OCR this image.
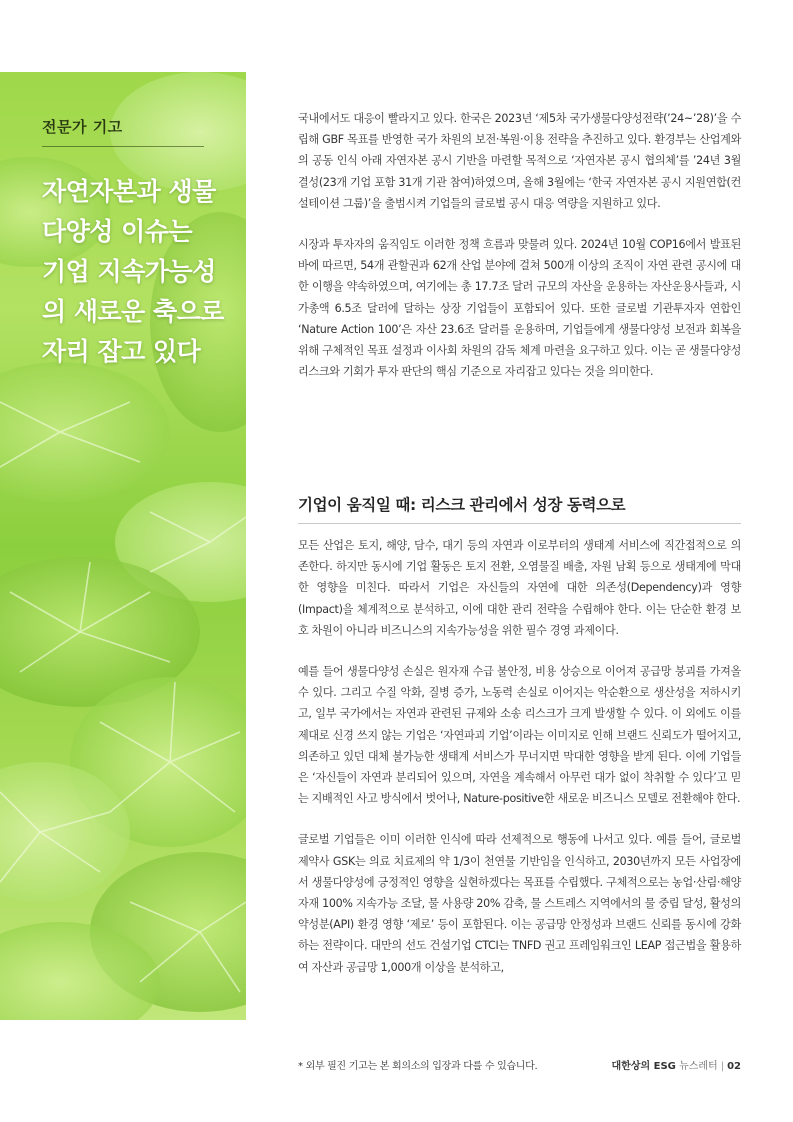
전문가 기고
자연자본과 생물
다양성 이슈는
기업 지속가능성
의 새로운 축으로
자리 잡고 있다

국내에서도 대응이 빨라지고 있다. 한국은 2023년 ‘제5차 국가생물다양성전략(’24~’28)’을 수립해 GBF 목표를 반영한 국가 차원의 보전·복원·이용 전략을 추진하고 있다. 환경부는 산업계와의 공동 인식 아래 자연자본 공시 기반을 마련할 목적으로 ‘자연자본 공시 협의체’를 ’24년 3월 결성(23개 기업 포함 31개 기관 참여)하였으며, 올해 3월에는 ‘한국 자연자본 공시 지원연합(컨설테이션 그룹)’을 출범시켜 기업들의 글로벌 공시 대응 역량을 지원하고 있다.

시장과 투자자의 움직임도 이러한 정책 흐름과 맞물려 있다. 2024년 10월 COP16에서 발표된 바에 따르면, 54개 관할권과 62개 산업 분야에 걸쳐 500개 이상의 조직이 자연 관련 공시에 대한 이행을 약속하였으며, 여기에는 총 17.7조 달러 규모의 자산을 운용하는 자산운용사들과, 시가총액 6.5조 달러에 달하는 상장 기업들이 포함되어 있다. 또한 글로벌 기관투자자 연합인 ‘Nature Action 100’은 자산 23.6조 달러를 운용하며, 기업들에게 생물다양성 보전과 회복을 위해 구체적인 목표 설정과 이사회 차원의 감독 체계 마련을 요구하고 있다. 이는 곧 생물다양성 리스크와 기회가 투자 판단의 핵심 기준으로 자리잡고 있다는 것을 의미한다.

기업이 움직일 때: 리스크 관리에서 성장 동력으로

모든 산업은 토지, 해양, 담수, 대기 등의 자연과 이로부터의 생태계 서비스에 직간접적으로 의존한다. 하지만 동시에 기업 활동은 토지 전환, 오염물질 배출, 자원 남획 등으로 생태계에 막대한 영향을 미친다. 따라서 기업은 자신들의 자연에 대한 의존성(Dependency)과 영향(Impact)을 체계적으로 분석하고, 이에 대한 관리 전략을 수립해야 한다. 이는 단순한 환경 보호 차원이 아니라 비즈니스의 지속가능성을 위한 필수 경영 과제이다.

예를 들어 생물다양성 손실은 원자재 수급 불안정, 비용 상승으로 이어져 공급망 붕괴를 가져올 수 있다. 그리고 수질 악화, 질병 증가, 노동력 손실로 이어지는 악순환으로 생산성을 저하시키고, 일부 국가에서는 자연과 관련된 규제와 소송 리스크가 크게 발생할 수 있다. 이 외에도 이를 제대로 신경 쓰지 않는 기업은 ‘자연파괴 기업’이라는 이미지로 인해 브랜드 신뢰도가 떨어지고, 의존하고 있던 대체 불가능한 생태계 서비스가 무너지면 막대한 영향을 받게 된다. 이에 기업들은 ‘자신들이 자연과 분리되어 있으며, 자연을 계속해서 아무런 대가 없이 착취할 수 있다’고 믿는 지배적인 사고 방식에서 벗어나, Nature-positive한 새로운 비즈니스 모델로 전환해야 한다.

글로벌 기업들은 이미 이러한 인식에 따라 선제적으로 행동에 나서고 있다. 예를 들어, 글로벌 제약사 GSK는 의료 치료제의 약 1/3이 천연물 기반임을 인식하고, 2030년까지 모든 사업장에서 생물다양성에 긍정적인 영향을 실현하겠다는 목표를 수립했다. 구체적으로는 농업·산림·해양 자재 100% 지속가능 조달, 물 사용량 20% 감축, 물 스트레스 지역에서의 물 중립 달성, 활성의약성분(API) 환경 영향 ‘제로’ 등이 포함된다. 이는 공급망 안정성과 브랜드 신뢰를 동시에 강화하는 전략이다. 대만의 선도 건설기업 CTCI는 TNFD 권고 프레임워크인 LEAP 접근법을 활용하여 자산과 공급망 1,000개 이상을 분석하고,

* 외부 필진 기고는 본 회의소의 입장과 다를 수 있습니다.	대한상의 ESG 뉴스레터 | 02
